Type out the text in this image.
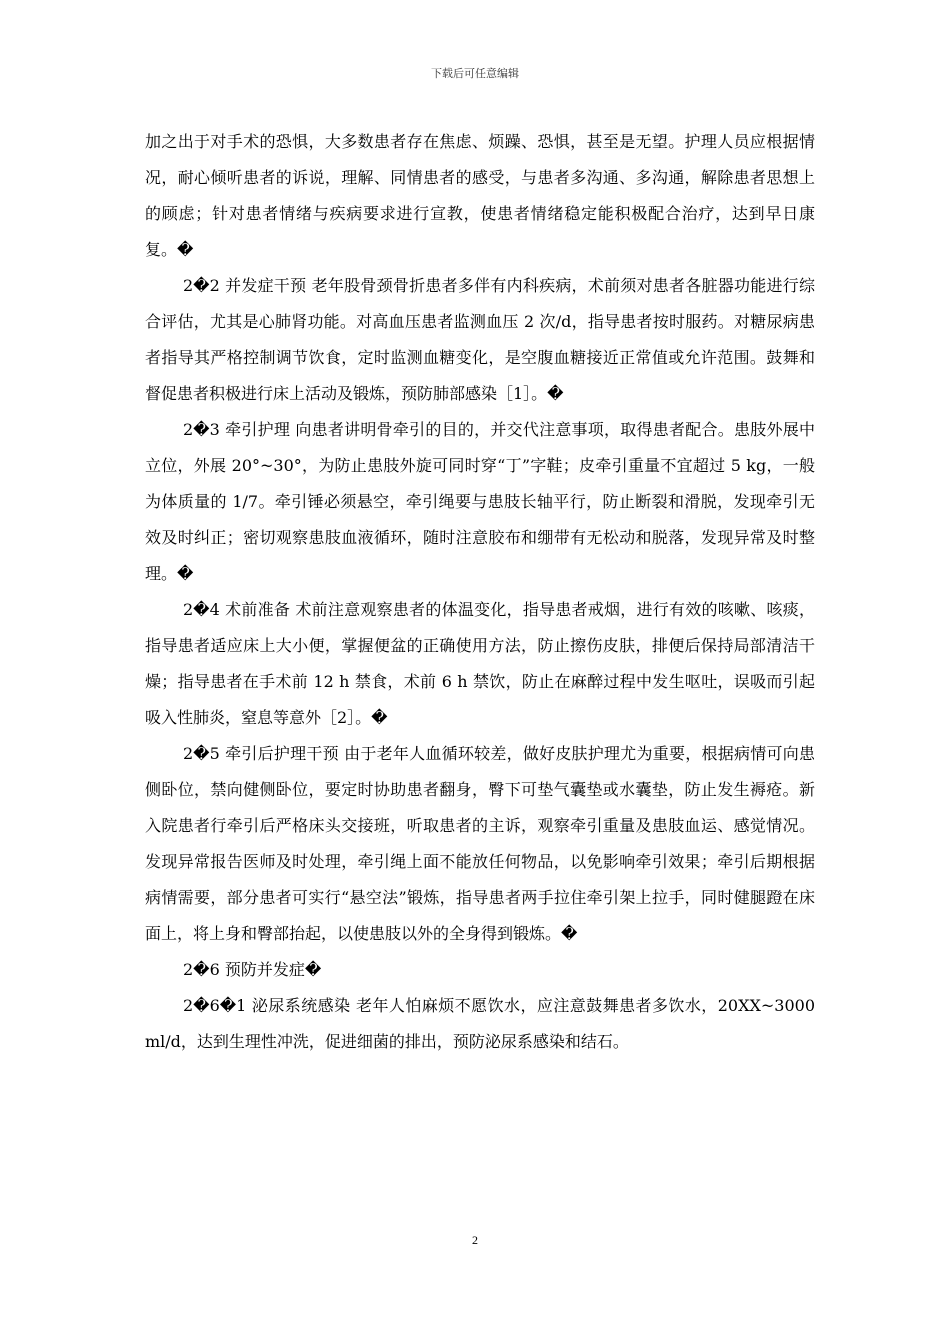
下载后可任意编辑

加之出于对手术的恐惧，大多数患者存在焦虑、烦躁、恐惧，甚至是无望。护理人员应根据情况，耐心倾听患者的诉说，理解、同情患者的感受，与患者多沟通、多沟通，解除患者思想上的顾虑；针对患者情绪与疾病要求进行宣教，使患者情绪稳定能积极配合治疗，达到早日康复。�

2�2 并发症干预 老年股骨颈骨折患者多伴有内科疾病，术前须对患者各脏器功能进行综合评估，尤其是心肺肾功能。对高血压患者监测血压 2 次/d，指导患者按时服药。对糖尿病患者指导其严格控制调节饮食，定时监测血糖变化，是空腹血糖接近正常值或允许范围。鼓舞和督促患者积极进行床上活动及锻炼，预防肺部感染［1］。�

2�3 牵引护理 向患者讲明骨牵引的目的，并交代注意事项，取得患者配合。患肢外展中立位，外展 20°~30°，为防止患肢外旋可同时穿“丁”字鞋；皮牵引重量不宜超过 5 kg，一般为体质量的 1/7。牵引锤必须悬空，牵引绳要与患肢长轴平行，防止断裂和滑脱，发现牵引无效及时纠正；密切观察患肢血液循环，随时注意胶布和绷带有无松动和脱落，发现异常及时整理。�

2�4 术前准备 术前注意观察患者的体温变化，指导患者戒烟，进行有效的咳嗽、咳痰，指导患者适应床上大小便，掌握便盆的正确使用方法，防止擦伤皮肤，排便后保持局部清洁干燥；指导患者在手术前 12 h 禁食，术前 6 h 禁饮，防止在麻醉过程中发生呕吐，误吸而引起吸入性肺炎，窒息等意外［2］。�

2�5 牵引后护理干预 由于老年人血循环较差，做好皮肤护理尤为重要，根据病情可向患侧卧位，禁向健侧卧位，要定时协助患者翻身，臀下可垫气囊垫或水囊垫，防止发生褥疮。新入院患者行牵引后严格床头交接班，听取患者的主诉，观察牵引重量及患肢血运、感觉情况。发现异常报告医师及时处理，牵引绳上面不能放任何物品，以免影响牵引效果；牵引后期根据病情需要，部分患者可实行“悬空法”锻炼，指导患者两手拉住牵引架上拉手，同时健腿蹬在床面上，将上身和臀部抬起，以使患肢以外的全身得到锻炼。�

2�6 预防并发症�

2�6�1 泌尿系统感染 老年人怕麻烦不愿饮水，应注意鼓舞患者多饮水，20XX~3000 ml/d，达到生理性冲洗，促进细菌的排出，预防泌尿系感染和结石。

2
